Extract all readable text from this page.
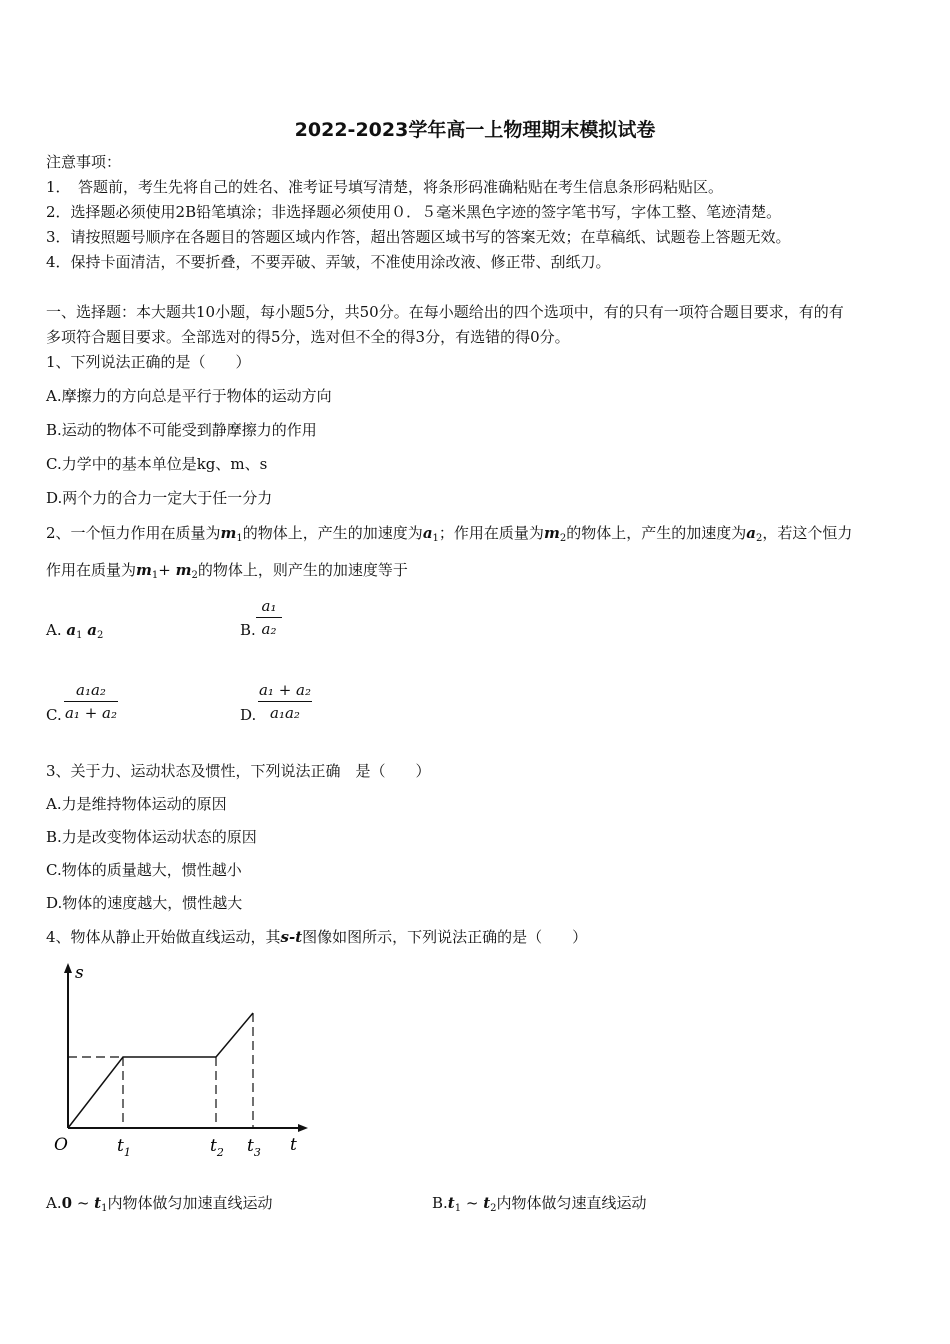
2022-2023学年高一上物理期末模拟试卷
注意事项：
1．　答题前，考生先将自己的姓名、准考证号填写清楚，将条形码准确粘贴在考生信息条形码粘贴区。
2．选择题必须使用2B铅笔填涂；非选择题必须使用０．５毫米黑色字迹的签字笔书写，字体工整、笔迹清楚。
3．请按照题号顺序在各题目的答题区域内作答，超出答题区域书写的答案无效；在草稿纸、试题卷上答题无效。
4．保持卡面清洁，不要折叠，不要弄破、弄皱，不准使用涂改液、修正带、刮纸刀。
一、选择题：本大题共10小题，每小题5分，共50分。在每小题给出的四个选项中，有的只有一项符合题目要求，有的有
多项符合题目要求。全部选对的得5分，选对但不全的得3分，有选错的得0分。
1、下列说法正确的是（　　）
A.摩擦力的方向总是平行于物体的运动方向
B.运动的物体不可能受到静摩擦力的作用
C.力学中的基本单位是kg、m、s
D.两个力的合力一定大于任一分力
2、一个恒力作用在质量为$m_1$的物体上，产生的加速度为$a_1$；作用在质量为$m_2$的物体上，产生的加速度为$a_2$，若这个恒力
作用在质量为$m_1+ m_2$的物体上，则产生的加速度等于
A. $a_1$ $a_2$	B.
a₁
a₂
C.
a₁a₂
a₁ + a₂	D.
a₁ + a₂
a₁a₂
3、关于力、运动状态及惯性，下列说法正确　是（　　）
A.力是维持物体运动的原因
B.力是改变物体运动状态的原因
C.物体的质量越大，惯性越小
D.物体的速度越大，惯性越大
4、物体从静止开始做直线运动，其s-t图像如图所示，下列说法正确的是（　　）
s
t
O	$t_1$	$t_2$ $t_3$
A.0 ~ $t_1$内物体做匀加速直线运动	$B.t_1$ ~ $t_2$内物体做匀速直线运动
